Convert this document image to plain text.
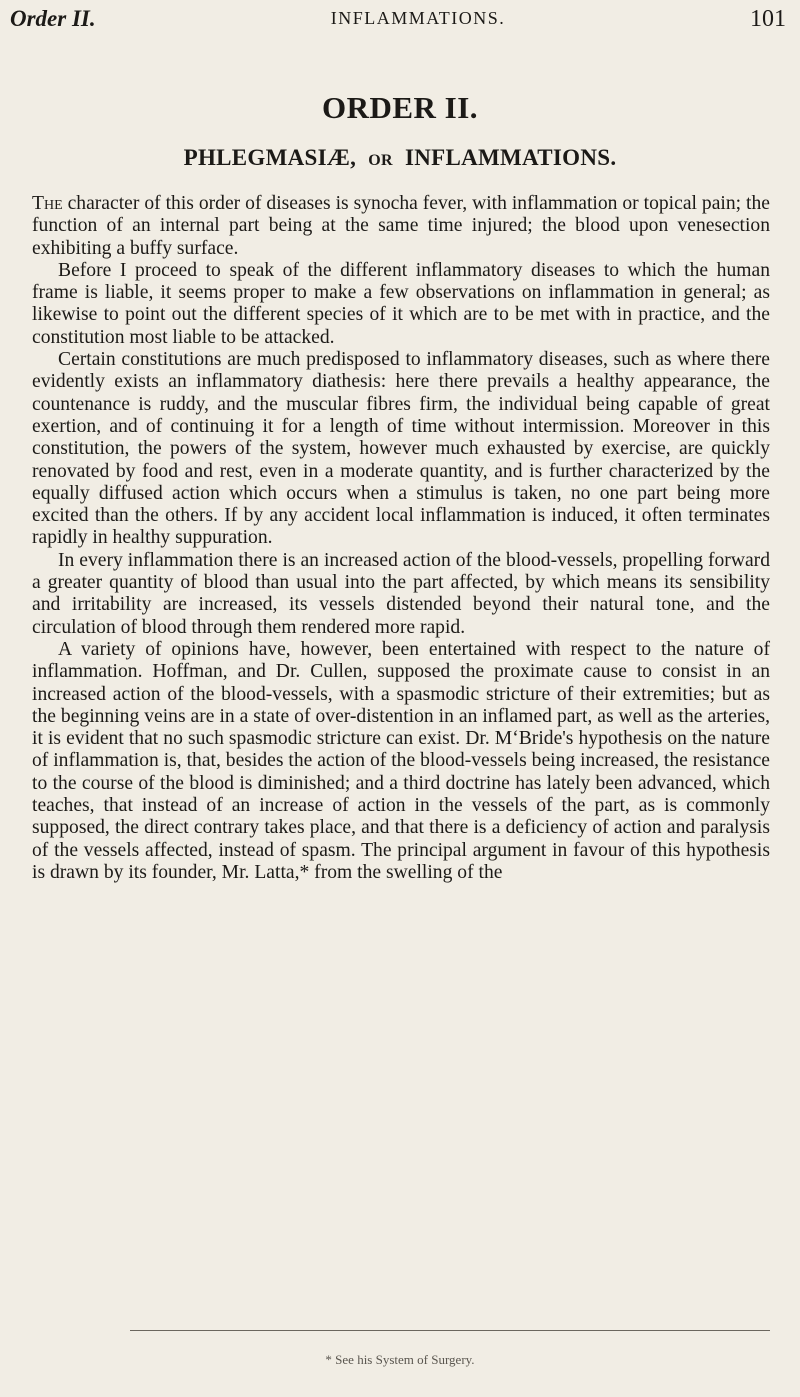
Order II.	INFLAMMATIONS.	101
ORDER II.
PHLEGMASIÆ, OR INFLAMMATIONS.

The character of this order of diseases is synocha fever, with inflammation or topical pain; the function of an internal part being at the same time injured; the blood upon venesection exhibiting a buffy surface.

Before I proceed to speak of the different inflammatory diseases to which the human frame is liable, it seems proper to make a few observations on inflammation in general; as likewise to point out the different species of it which are to be met with in practice, and the constitution most liable to be attacked.

Certain constitutions are much predisposed to inflammatory diseases, such as where there evidently exists an inflammatory diathesis: here there prevails a healthy appearance, the countenance is ruddy, and the muscular fibres firm, the individual being capable of great exertion, and of continuing it for a length of time without intermission. Moreover in this constitution, the powers of the system, however much exhausted by exercise, are quickly renovated by food and rest, even in a moderate quantity, and is further characterized by the equally diffused action which occurs when a stimulus is taken, no one part being more excited than the others. If by any accident local inflammation is induced, it often terminates rapidly in healthy suppuration.

In every inflammation there is an increased action of the blood-vessels, propelling forward a greater quantity of blood than usual into the part affected, by which means its sensibility and irritability are increased, its vessels distended beyond their natural tone, and the circulation of blood through them rendered more rapid.

A variety of opinions have, however, been entertained with respect to the nature of inflammation. Hoffman, and Dr. Cullen, supposed the proximate cause to consist in an increased action of the blood-vessels, with a spasmodic stricture of their extremities; but as the beginning veins are in a state of over-distention in an inflamed part, as well as the arteries, it is evident that no such spasmodic stricture can exist. Dr. M‘Bride's hypothesis on the nature of inflammation is, that, besides the action of the blood-vessels being increased, the resistance to the course of the blood is diminished; and a third doctrine has lately been advanced, which teaches, that instead of an increase of action in the vessels of the part, as is commonly supposed, the direct contrary takes place, and that there is a deficiency of action and paralysis of the vessels affected, instead of spasm. The principal argument in favour of this hypothesis is drawn by its founder, Mr. Latta,* from the swelling of the

* See his System of Surgery.
